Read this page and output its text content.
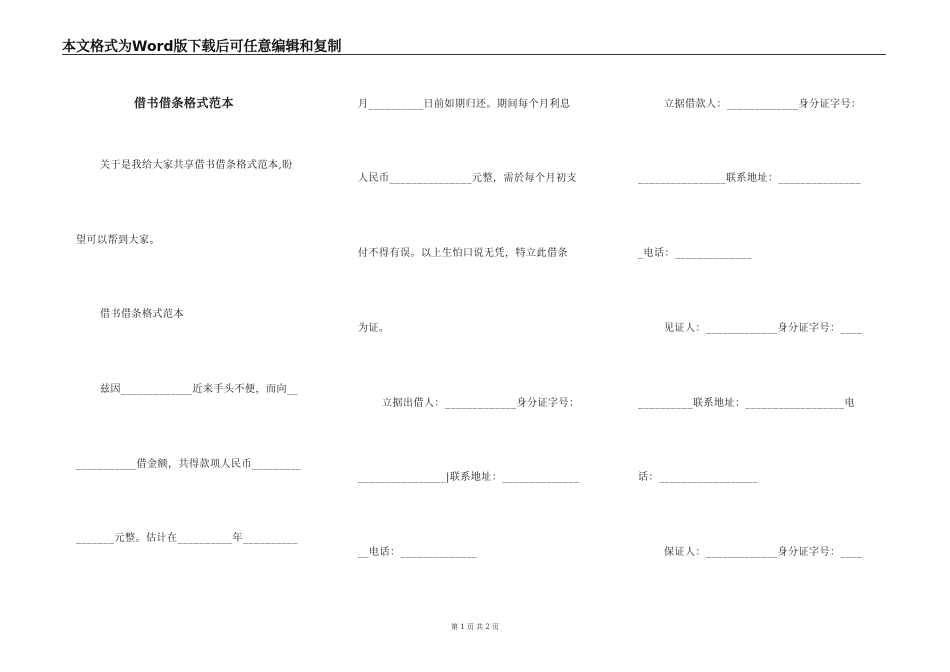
本文格式为Word版下载后可任意编辑和复制
借书借条格式范本
关于是我给大家共享借书借条格式范本,盼
望可以帮到大家。
借书借条格式范本
兹因_____________近来手头不便，而向__
___________借金额，共得款项人民币_________
_______元整。估计在__________年__________
月__________日前如期归还。期间每个月利息
人民币_______________元整，需於每个月初支
付不得有误。以上生怕口说无凭，特立此借条
为证。
立据出借人：_____________身分证字号：
________________|联系地址：______________
__电话：______________
立据借款人：_____________身分证字号：
________________联系地址：_______________
_电话：______________
见证人：_____________身分证字号：____
__________联系地址：__________________电
话：__________________
保证人：_____________身分证字号：____
第 1 页 共 2 页
